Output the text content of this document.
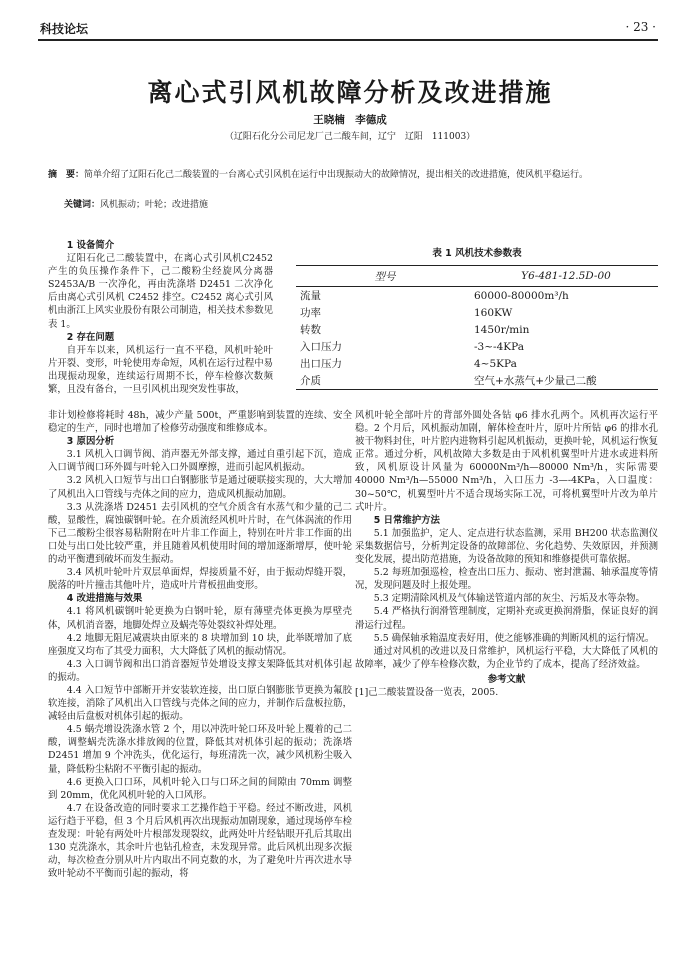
科技论坛	· 23 ·
离心式引风机故障分析及改进措施
王晓楠　李德成
（辽阳石化分公司尼龙厂己二酸车间，辽宁　辽阳　111003）
摘　要：简单介绍了辽阳石化己二酸装置的一台离心式引风机在运行中出现振动大的故障情况，提出相关的改进措施，使风机平稳运行。
关键词：风机振动；叶轮；改进措施
1 设备简介

辽阳石化己二酸装置中，在离心式引风机C2452 产生的负压操作条件下，己二酸粉尘经旋风分离器 S2453A/B 一次净化，再由洗涤塔 D2451 二次净化后由离心式引风机 C2452 排空。C2452 离心式引风机由浙江上风实业股份有限公司制造，相关技术参数见表 1。

2 存在问题

自开车以来，风机运行一直不平稳，风机叶轮叶片开裂、变形，叶轮使用寿命短，风机在运行过程中易出现振动现象，连续运行周期不长，停车检修次数频繁，且没有备台，一旦引风机出现突发性事故，

表 1 风机技术参数表
型号	Y6-481-12.5D-00
流量	60000-80000m³/h
功率	160KW
转数	1450r/min
入口压力	-3~-4KPa
出口压力	4~5KPa
介质	空气+水蒸气+少量己二酸

非计划检修将耗时 48h，减少产量 500t，严重影响到装置的连续、安全稳定的生产，同时也增加了检修劳动强度和维修成本。

3 原因分析

3.1 风机入口调节阀、消声器无外部支撑，通过自重引起下沉，造成入口调节阀口环外圆与叶轮入口外圆摩擦，进而引起风机振动。

3.2 风机入口短节与出口白钢膨胀节是通过硬联接实现的，大大增加了风机出入口管线与壳体之间的应力，造成风机振动加剧。

3.3 从洗涤塔 D2451 去引风机的空气介质含有水蒸气和少量的己二酸，显酸性，腐蚀碳钢叶轮。在介质流经风机叶片时，在气体涡流的作用下己二酸粉尘很容易粘附附在叶片非工作面上，特别在叶片非工作面的出口处与出口处比较严重，并且随着风机使用时间的增加逐渐增厚，使叶轮的动平衡遭到破坏而发生振动。

3.4 风机叶轮叶片双层单面焊，焊接质量不好，由于振动焊缝开裂，脱落的叶片撞击其他叶片，造成叶片背板扭曲变形。

4 改进措施与效果

4.1 将风机碳钢叶轮更换为白钢叶轮，原有薄壁壳体更换为厚壁壳体，风机消音器，地脚处焊立及蜗壳等处裂纹补焊处理。

4.2 地脚无阻尼减震块由原来的 8 块增加到 10 块，此举既增加了底座强度又均布了其受力面积，大大降低了风机的振动情况。

4.3 入口调节阀和出口消音器短节处增设支撑支架降低其对机体引起的振动。

4.4 入口短节中部断开并安装软连接，出口原白钢膨胀节更换为氟胶软连接，消除了风机出入口管线与壳体之间的应力，并制作后盘板拉筋，减轻由后盘板对机体引起的振动。

4.5 蜗壳增设洗涤水管 2 个，用以冲洗叶轮口环及叶轮上覆着的己二酸，调整蜗壳洗涤水排放阀的位置，降低其对机体引起的振动；洗涤塔 D2451 增加 9 个冲洗头，优化运行，每班清洗一次，减少风机粉尘吸入量，降低粉尘粘附不平衡引起的振动。

4.6 更换入口口环，风机叶轮入口与口环之间的间隙由 70mm 调整到 20mm，优化风机叶轮的入口风形。

4.7 在设备改造的同时要求工艺操作趋于平稳。经过不断改进，风机运行趋于平稳，但 3 个月后风机再次出现振动加剧现象，通过现场停车检查发现：叶轮有两处叶片根部发现裂纹，此两处叶片经钻眼开孔后其取出 130 克洗涤水，其余叶片也钻孔检查，未发现异常。此后风机出现多次振动，每次检查分别从叶片内取出不同克数的水，为了避免叶片再次进水导致叶轮动不平衡而引起的振动，将

风机叶轮全部叶片的背部外圆处各钻 φ6 排水孔两个。风机再次运行平稳。2 个月后，风机振动加剧，解体检查叶片，原叶片所钻 φ6 的排水孔被干物料封住，叶片腔内进物料引起风机振动，更换叶轮，风机运行恢复正常。通过分析，风机故障大多数是由于风机机翼型叶片进水或进料所致，风机原设计风量为 60000Nm³/h—80000 Nm³/h，实际需要 40000 Nm³/h—55000 Nm³/h，入口压力 -3—-4KPa，入口温度：30~50℃，机翼型叶片不适合现场实际工况，可将机翼型叶片改为单片式叶片。

5 日常维护方法

5.1 加强监护，定人、定点进行状态监测，采用 BH200 状态监测仪采集数据信号，分析判定设备的故障部位、劣化趋势、失效原因，并预测变化发展，提出防范措施，为设备故障的预知和维修提供可靠依据。

5.2 每班加强巡检，检查出口压力、振动、密封泄漏、轴承温度等情况，发现问题及时上报处理。

5.3 定期清除风机及气体输送管道内部的灰尘、污垢及水等杂物。

5.4 严格执行润滑管理制度，定期补充或更换润滑脂，保证良好的润滑运行过程。

5.5 确保轴承箱温度表好用，使之能够准确的判断风机的运行情况。

通过对风机的改进以及日常维护，风机运行平稳，大大降低了风机的故障率，减少了停车检修次数，为企业节约了成本，提高了经济效益。

参考文献

[1]己二酸装置设备一览表，2005.
